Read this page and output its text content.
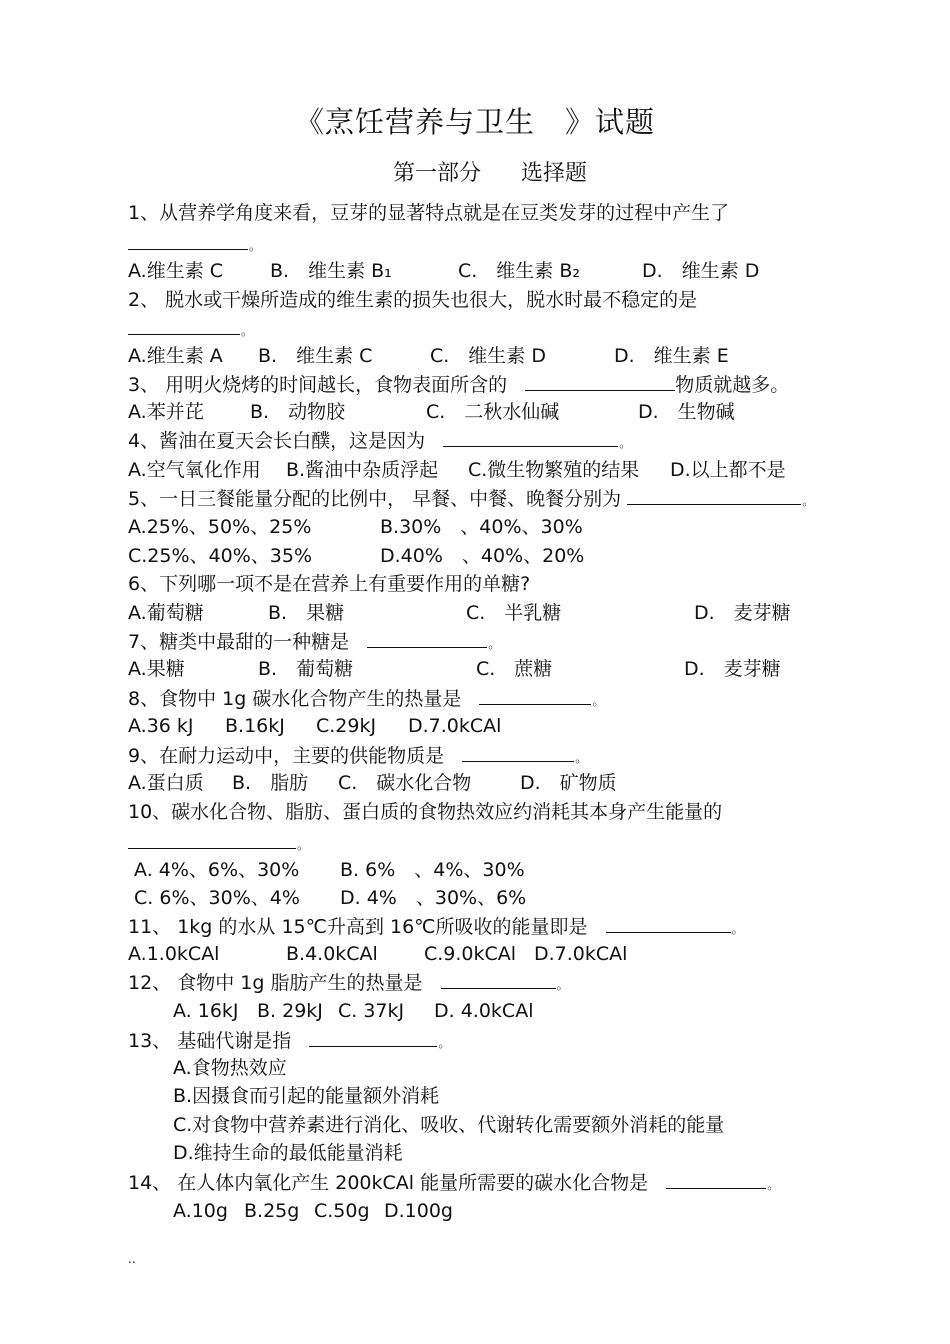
《烹饪营养与卫生　》试题
第一部分 选择题
1、从营养学角度来看，豆芽的显著特点就是在豆类发芽的过程中产生了
。
A.维生素 C B.　维生素 B₁	C.　维生素 B₂	D.　维生素 D
2、 脱水或干燥所造成的维生素的损失也很大，脱水时最不稳定的是
。
A.维生素 A B.　维生素 C	C.　维生素 D	D.　维生素 E
3、 用明火烧烤的时间越长，食物表面所含的	物质就越多。
A.苯并芘 B.　动物胶	C.　二秋水仙碱	D.　生物碱
4、酱油在夏天会长白醭，这是因为	。
A.空气氧化作用 B.酱油中杂质浮起 C.微生物繁殖的结果 D.以上都不是
5、一日三餐能量分配的比例中， 早餐、中餐、晚餐分别为	。
A.25%、50%、25%	B.30%　、40%、30%
C.25%、40%、35%	D.40%　、40%、20%
6、下列哪一项不是在营养上有重要作用的单糖?
A.葡萄糖	B.　果糖	C.　半乳糖	D.　麦芽糖
7、糖类中最甜的一种糖是	。
A.果糖	B.　葡萄糖	C.　蔗糖	D.　麦芽糖
8、食物中 1g 碳水化合物产生的热量是	。
A.36 kJ B.16kJ C.29kJ D.7.0kCAl
9、在耐力运动中，主要的供能物质是	。
A.蛋白质 B.　脂肪 C.　碳水化合物	D.　矿物质
10、碳水化合物、脂肪、蛋白质的食物热效应约消耗其本身产生能量的
。
A. 4%、6%、30% B. 6%　、4%、30%
C. 6%、30%、4% D. 4%　、30%、6%
11、 1kg 的水从 15℃升高到 16℃所吸收的能量即是	。
A.1.0kCAl	B.4.0kCAl C.9.0kCAl D.7.0kCAl
12、 食物中 1g 脂肪产生的热量是	。
A. 16kJ B. 29kJ C. 37kJ D. 4.0kCAl
13、 基础代谢是指	。
A.食物热效应
B.因摄食而引起的能量额外消耗
C.对食物中营养素进行消化、吸收、代谢转化需要额外消耗的能量
D.维持生命的最低能量消耗
14、 在人体内氧化产生 200kCAl 能量所需要的碳水化合物是	。
A.10g B.25g C.50g D.100g
..
